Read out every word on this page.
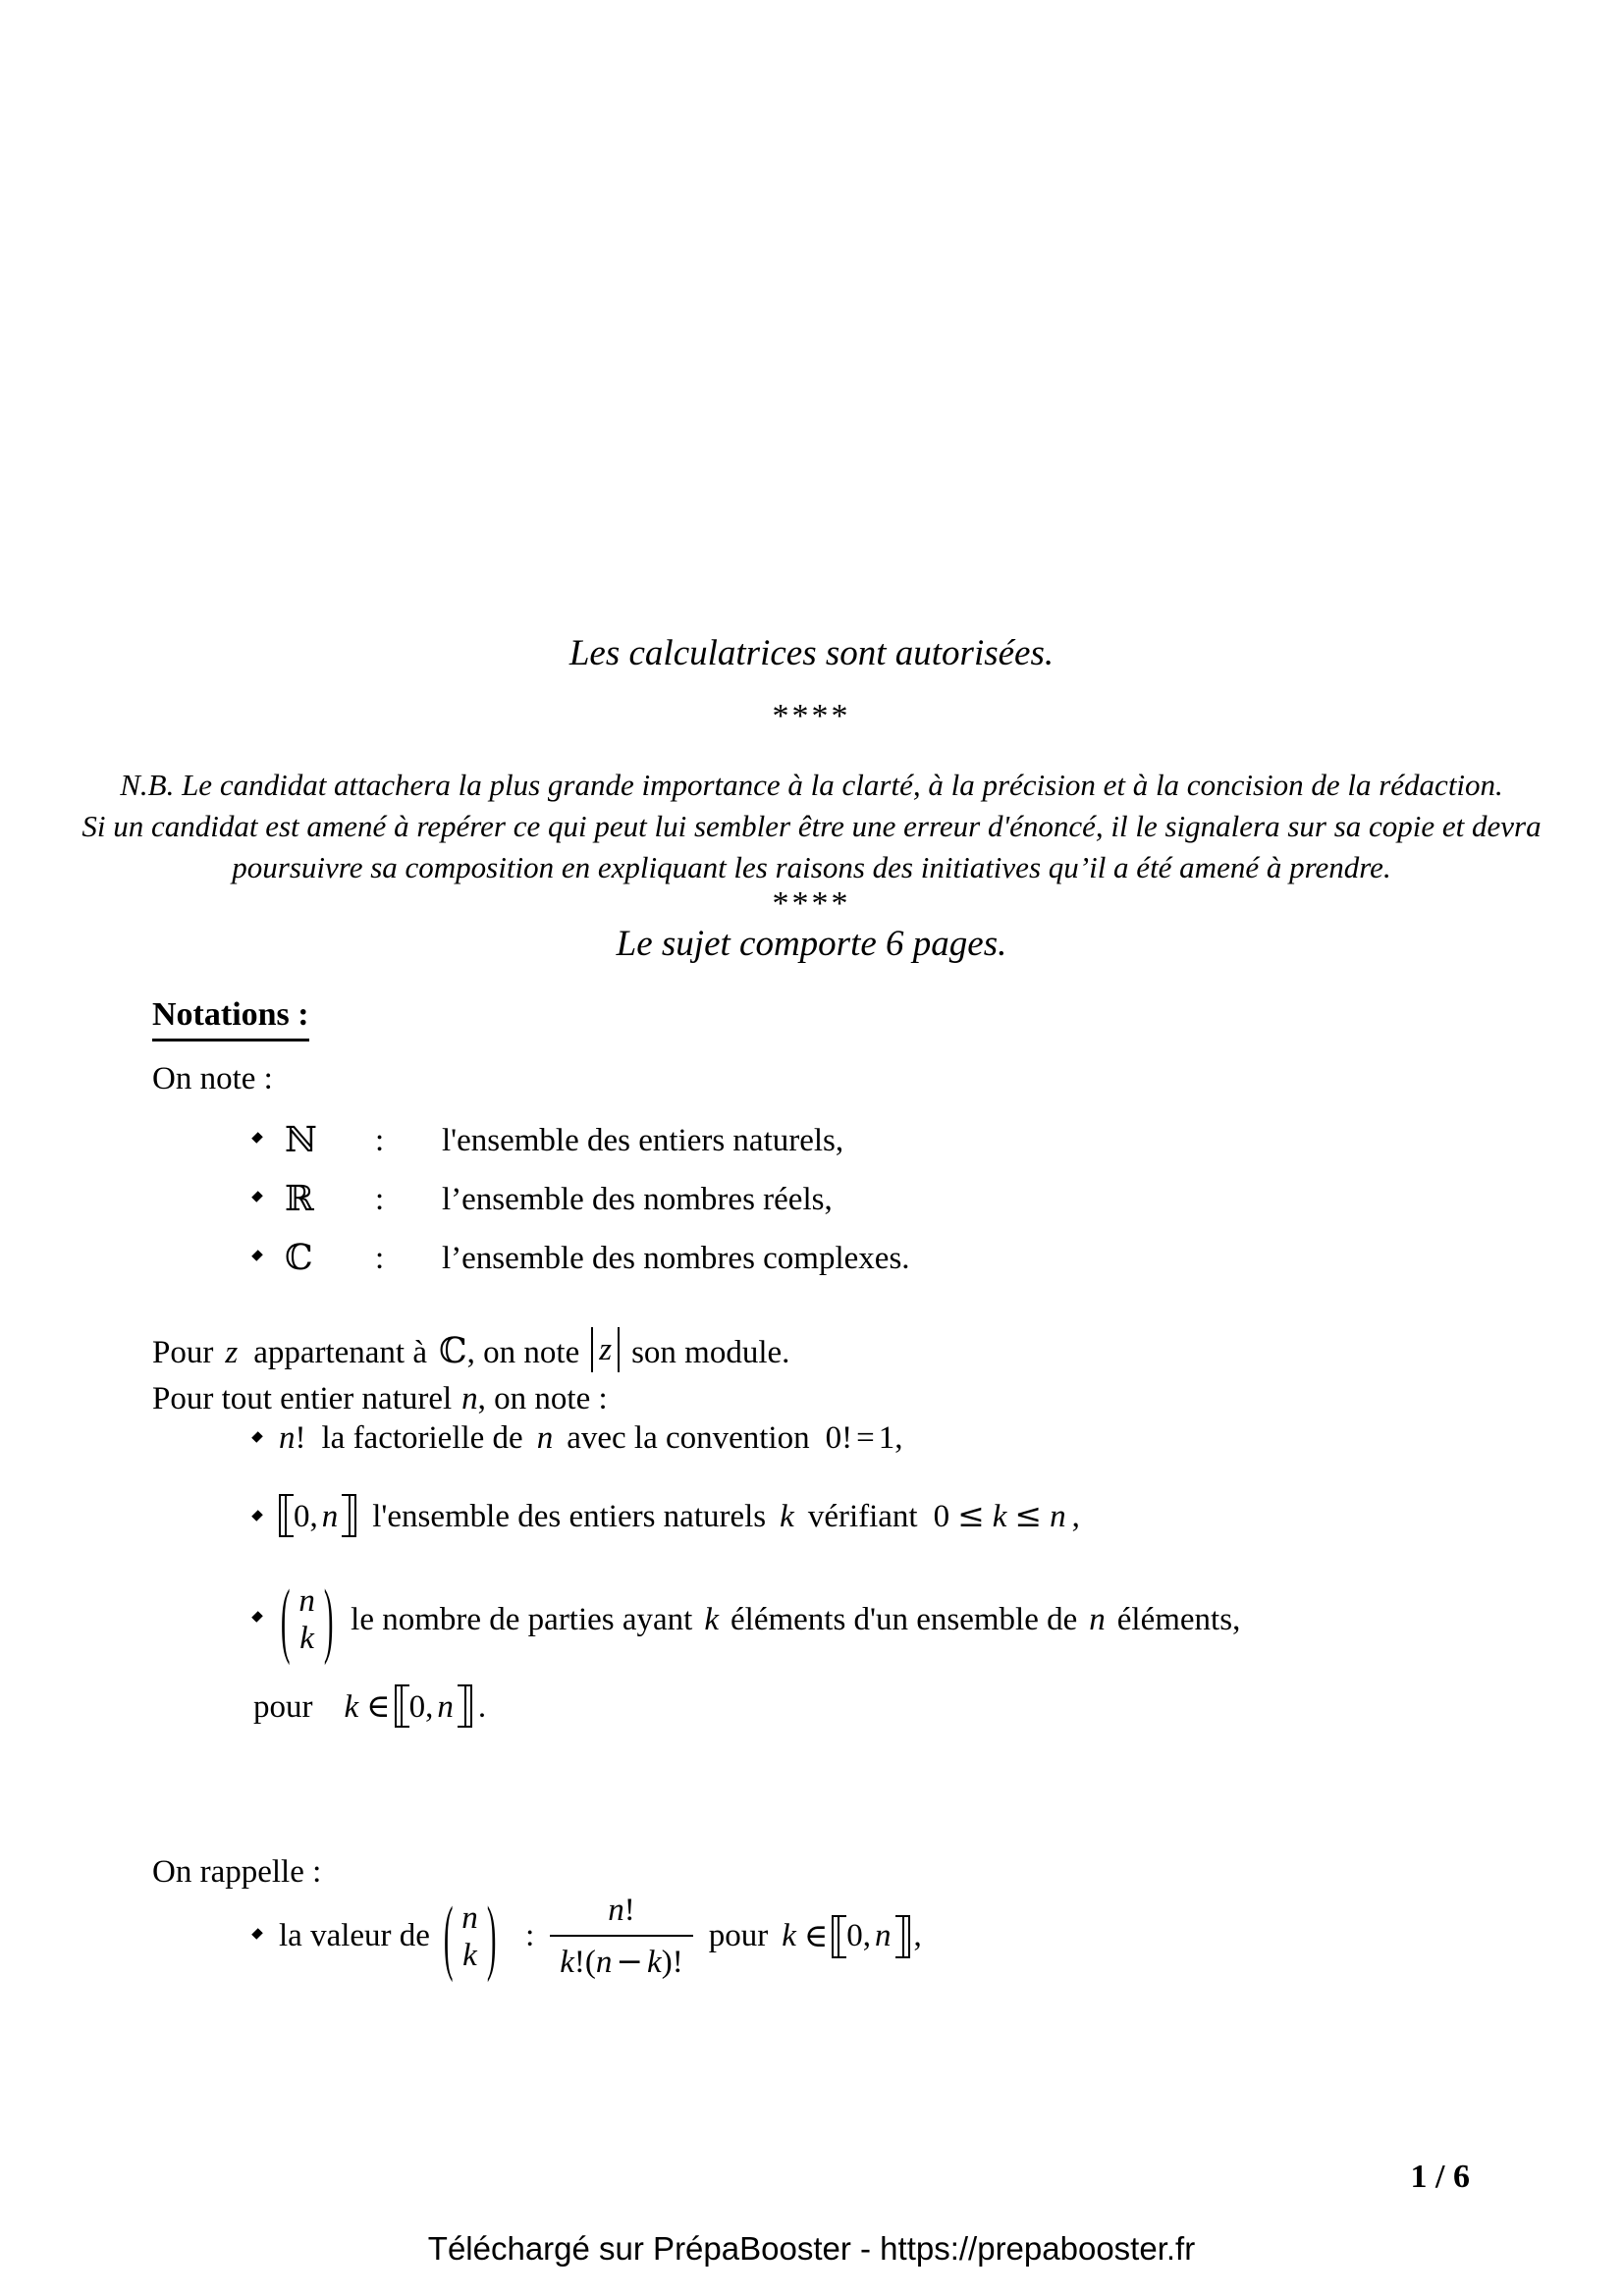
Les calculatrices sont autorisées.
****
N.B. Le candidat attachera la plus grande importance à la clarté, à la précision et à la concision de la rédaction.
Si un candidat est amené à repérer ce qui peut lui sembler être une erreur d'énoncé, il le signalera sur sa copie et devra
poursuivre sa composition en expliquant les raisons des initiatives qu’il a été amené à prendre.
****
Le sujet comporte 6 pages.
Notations :
On note :
ℕ	:	l'ensemble des entiers naturels,
ℝ	:	l’ensemble des nombres réels,
ℂ	:	l’ensemble des nombres complexes.
Pour z appartenant à ℂ, on note z son module.
Pour tout entier naturel n, on note :
n! la factorielle de n avec la convention 0! = 1,
0, n l'ensemble des entiers naturels k vérifiant 0 ≤ k ≤ n ,
( n
k ) le nombre de parties ayant k éléments d'un ensemble de n éléments,
pour k ∈ 0, n .
On rappelle :
la valeur de ( n
k ) : $\frac{n!}{k!(n - k)!}$ pour k ∈ 0, n ,
1 / 6
Téléchargé sur PrépaBooster - https://prepabooster.fr
